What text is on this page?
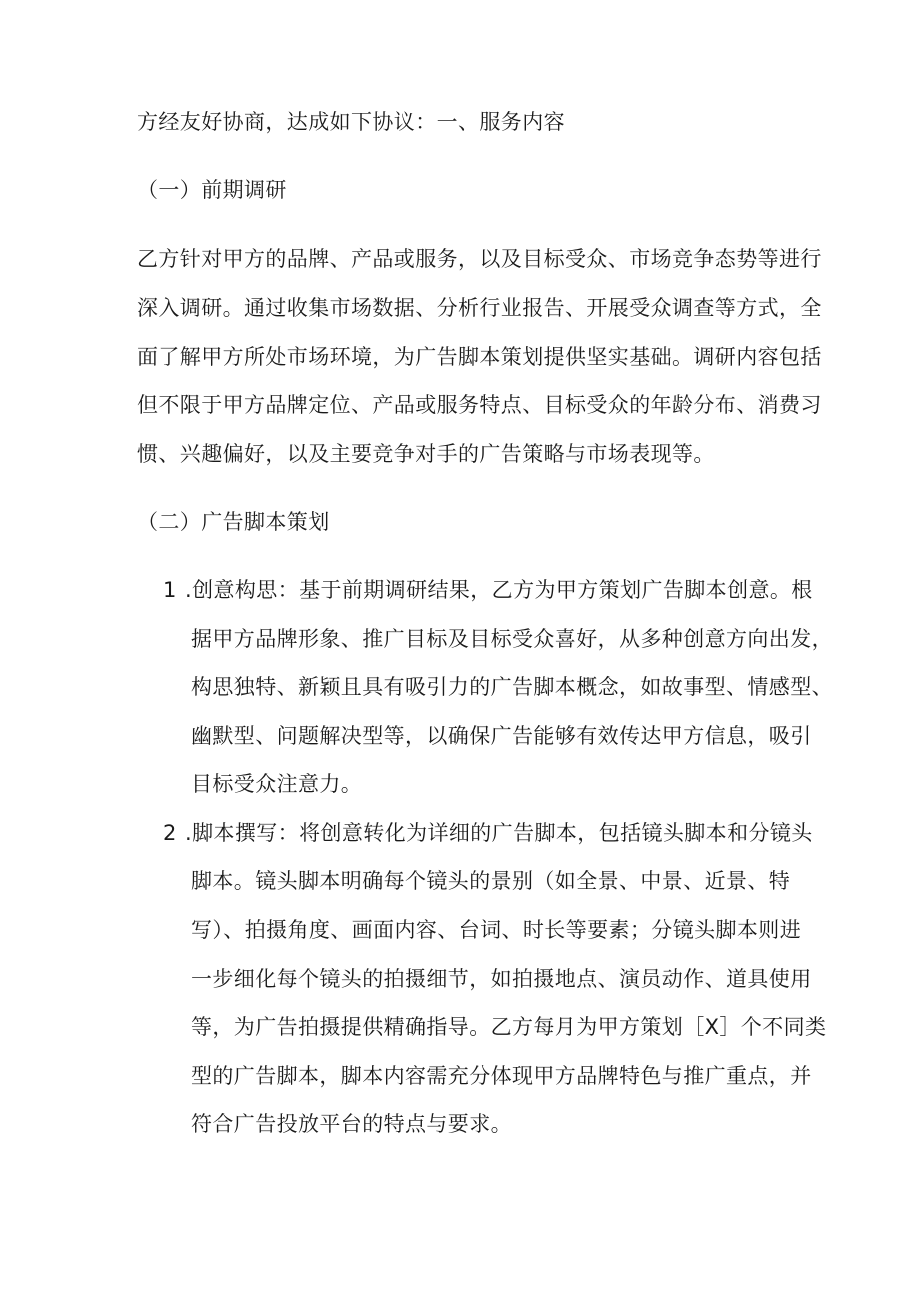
方经友好协商，达成如下协议：一、服务内容
（一）前期调研
乙方针对甲方的品牌、产品或服务，以及目标受众、市场竞争态势等进行
深入调研。通过收集市场数据、分析行业报告、开展受众调查等方式，全
面了解甲方所处市场环境，为广告脚本策划提供坚实基础。调研内容包括
但不限于甲方品牌定位、产品或服务特点、目标受众的年龄分布、消费习
惯、兴趣偏好，以及主要竞争对手的广告策略与市场表现等。
（二）广告脚本策划
1 .创意构思：基于前期调研结果，乙方为甲方策划广告脚本创意。根
据甲方品牌形象、推广目标及目标受众喜好，从多种创意方向出发，
构思独特、新颖且具有吸引力的广告脚本概念，如故事型、情感型、
幽默型、问题解决型等，以确保广告能够有效传达甲方信息，吸引
目标受众注意力。
2 .脚本撰写：将创意转化为详细的广告脚本，包括镜头脚本和分镜头
脚本。镜头脚本明确每个镜头的景别（如全景、中景、近景、特
写）、拍摄角度、画面内容、台词、时长等要素；分镜头脚本则进
一步细化每个镜头的拍摄细节，如拍摄地点、演员动作、道具使用
等，为广告拍摄提供精确指导。乙方每月为甲方策划［X］个不同类
型的广告脚本，脚本内容需充分体现甲方品牌特色与推广重点，并
符合广告投放平台的特点与要求。
